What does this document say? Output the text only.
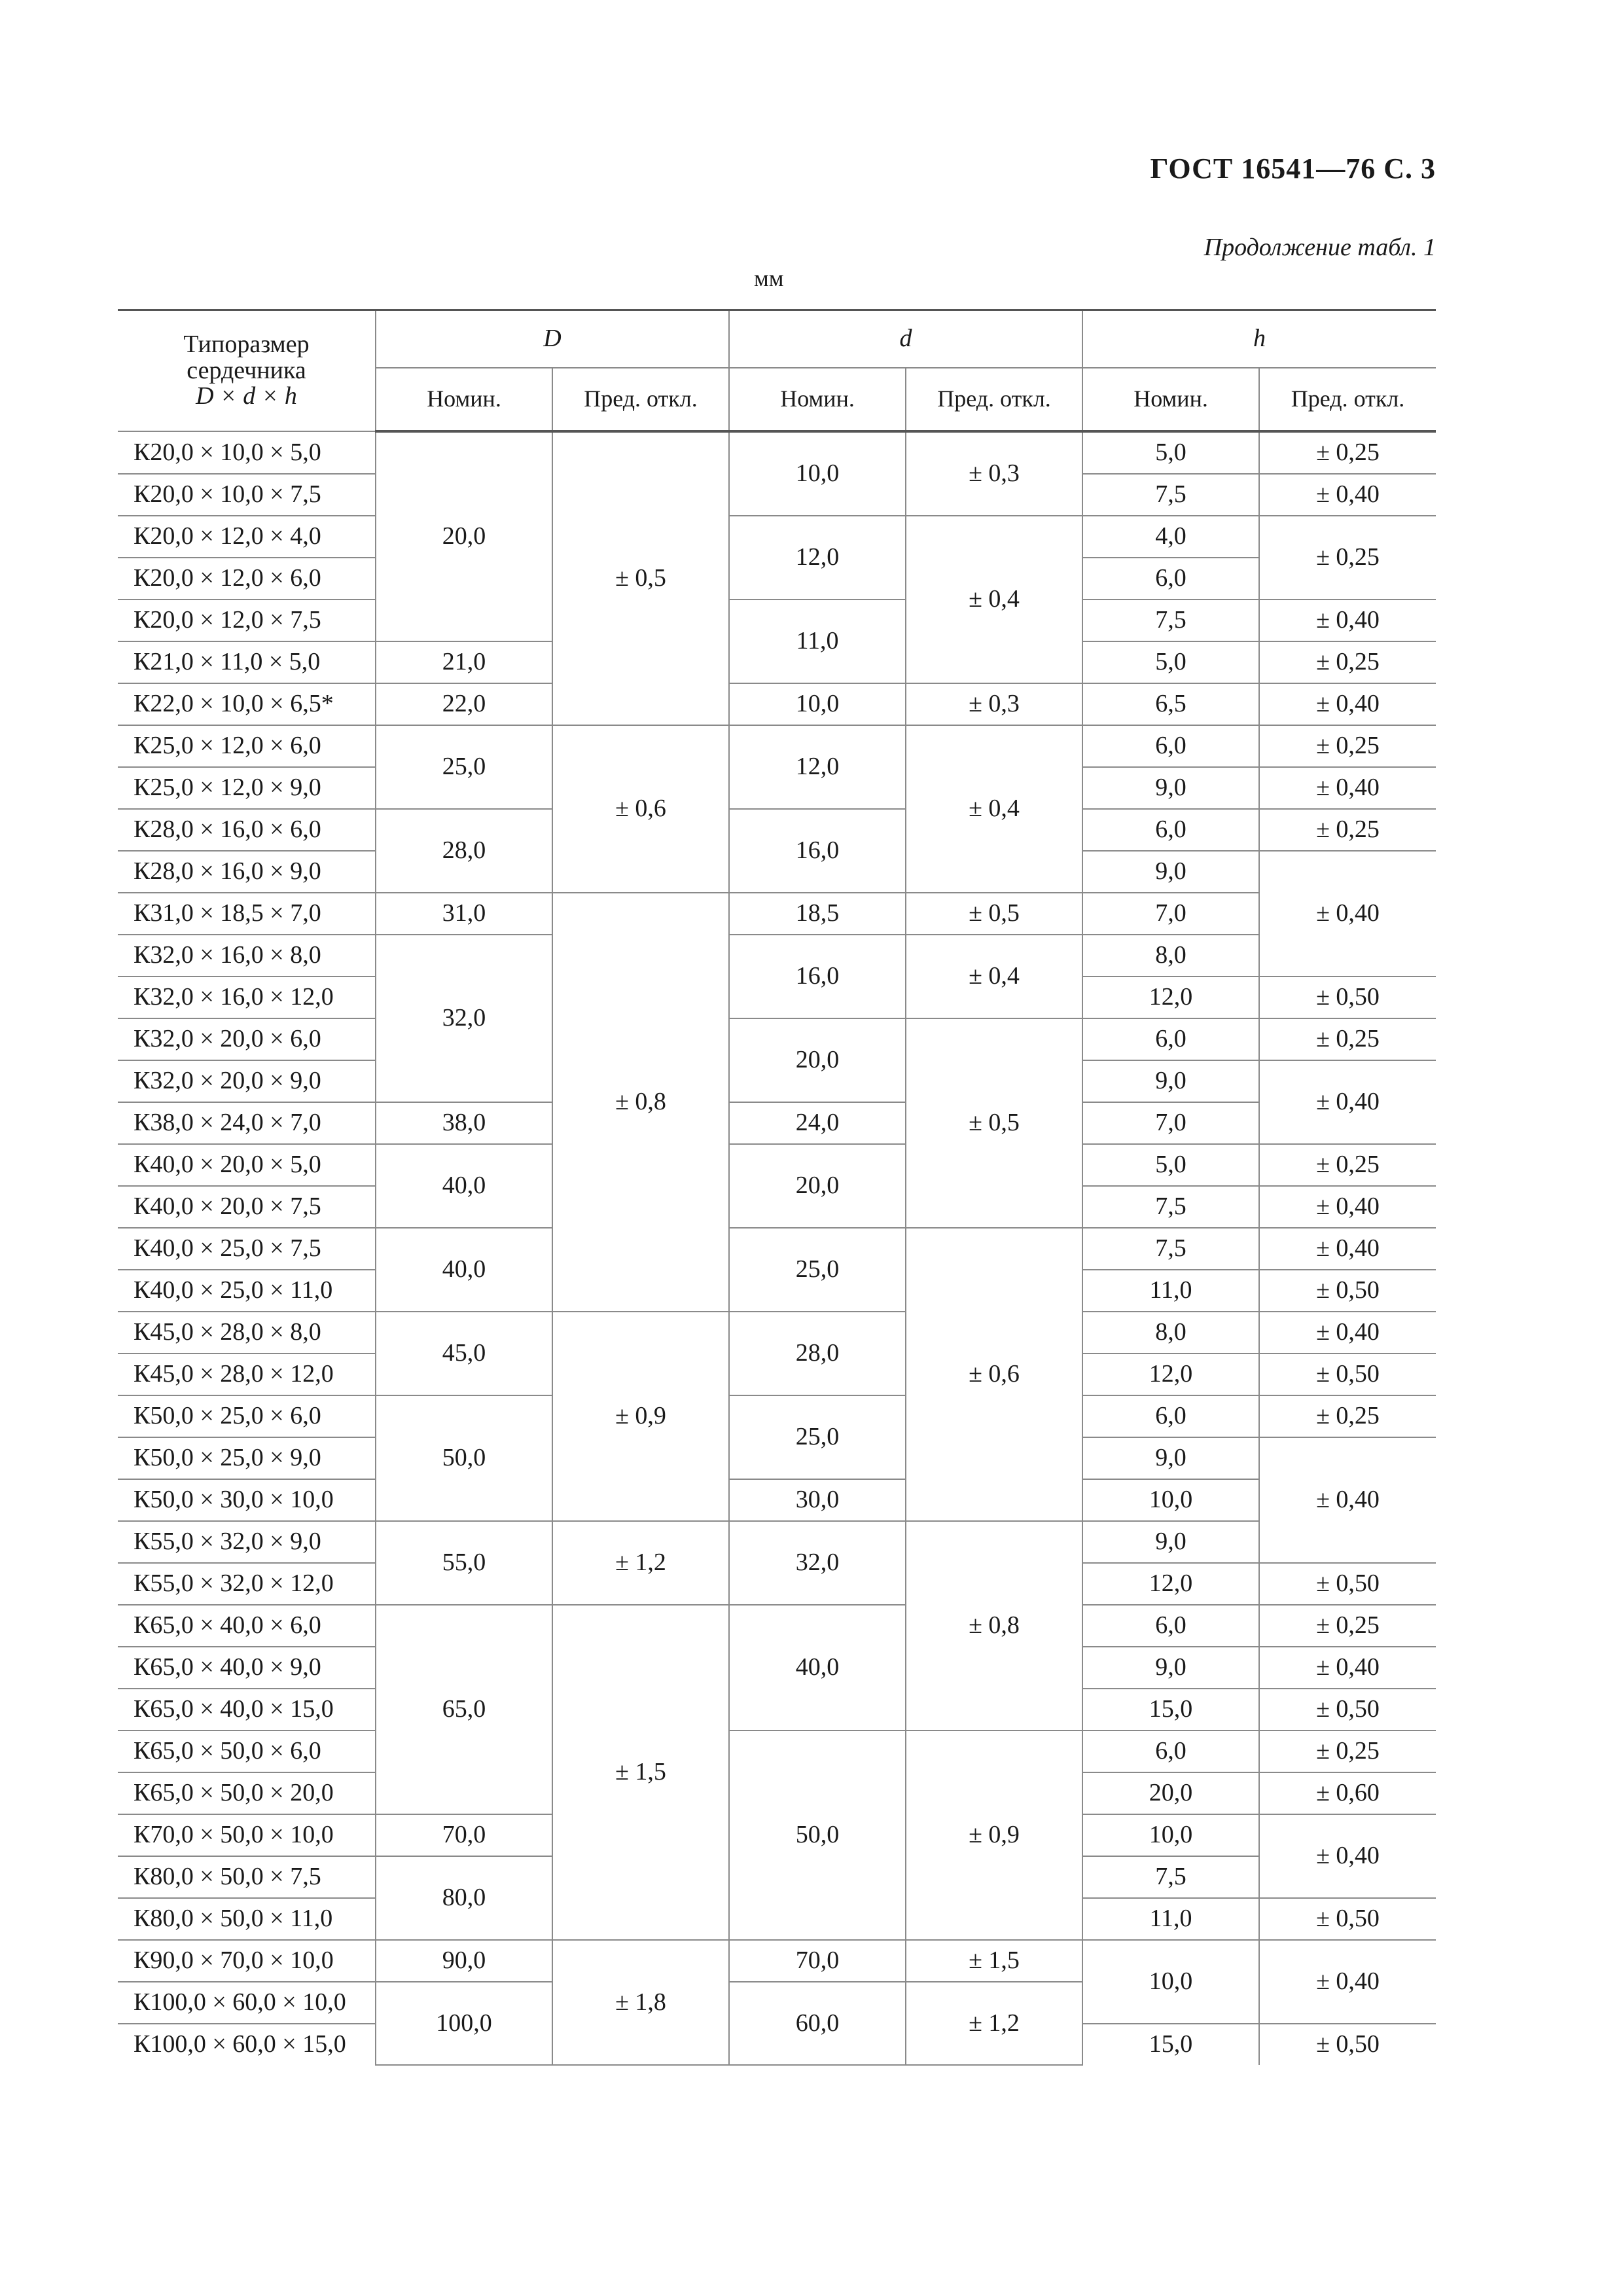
ГОСТ 16541—76 С. 3
Продолжение табл. 1
мм
Типоразмер
сердечника
D × d × h	D		d		h	
	Номин.	Пред. откл.	Номин.	Пред. откл.	Номин.	Пред. откл.
К20,0 × 10,0 × 5,0	20,0	± 0,5	10,0	± 0,3	5,0	± 0,25
К20,0 × 10,0 × 7,5					7,5	± 0,40
К20,0 × 12,0 × 4,0			12,0	± 0,4	4,0	± 0,25
К20,0 × 12,0 × 6,0					6,0	
К20,0 × 12,0 × 7,5			11,0		7,5	± 0,40
К21,0 × 11,0 × 5,0	21,0				5,0	± 0,25
К22,0 × 10,0 × 6,5*	22,0		10,0	± 0,3	6,5	± 0,40
К25,0 × 12,0 × 6,0	25,0	± 0,6	12,0	± 0,4	6,0	± 0,25
К25,0 × 12,0 × 9,0					9,0	± 0,40
К28,0 × 16,0 × 6,0	28,0		16,0		6,0	± 0,25
К28,0 × 16,0 × 9,0					9,0	± 0,40
К31,0 × 18,5 × 7,0	31,0	± 0,8	18,5	± 0,5	7,0	
К32,0 × 16,0 × 8,0	32,0		16,0	± 0,4	8,0	
К32,0 × 16,0 × 12,0					12,0	± 0,50
К32,0 × 20,0 × 6,0			20,0	± 0,5	6,0	± 0,25
К32,0 × 20,0 × 9,0					9,0	± 0,40
К38,0 × 24,0 × 7,0	38,0		24,0		7,0	
К40,0 × 20,0 × 5,0	40,0		20,0		5,0	± 0,25
К40,0 × 20,0 × 7,5					7,5	± 0,40
К40,0 × 25,0 × 7,5	40,0		25,0	± 0,6	7,5	± 0,40
К40,0 × 25,0 × 11,0					11,0	± 0,50
К45,0 × 28,0 × 8,0	45,0	± 0,9	28,0		8,0	± 0,40
К45,0 × 28,0 × 12,0					12,0	± 0,50
К50,0 × 25,0 × 6,0	50,0		25,0		6,0	± 0,25
К50,0 × 25,0 × 9,0					9,0	± 0,40
К50,0 × 30,0 × 10,0			30,0		10,0	
К55,0 × 32,0 × 9,0	55,0	± 1,2	32,0	± 0,8	9,0	
К55,0 × 32,0 × 12,0					12,0	± 0,50
К65,0 × 40,0 × 6,0	65,0	± 1,5	40,0		6,0	± 0,25
К65,0 × 40,0 × 9,0					9,0	± 0,40
К65,0 × 40,0 × 15,0					15,0	± 0,50
К65,0 × 50,0 × 6,0			50,0	± 0,9	6,0	± 0,25
К65,0 × 50,0 × 20,0					20,0	± 0,60
К70,0 × 50,0 × 10,0	70,0				10,0	± 0,40
К80,0 × 50,0 × 7,5	80,0				7,5	
К80,0 × 50,0 × 11,0					11,0	± 0,50
К90,0 × 70,0 × 10,0	90,0	± 1,8	70,0	± 1,5	10,0	± 0,40
К100,0 × 60,0 × 10,0	100,0		60,0	± 1,2		
К100,0 × 60,0 × 15,0					15,0	± 0,50
